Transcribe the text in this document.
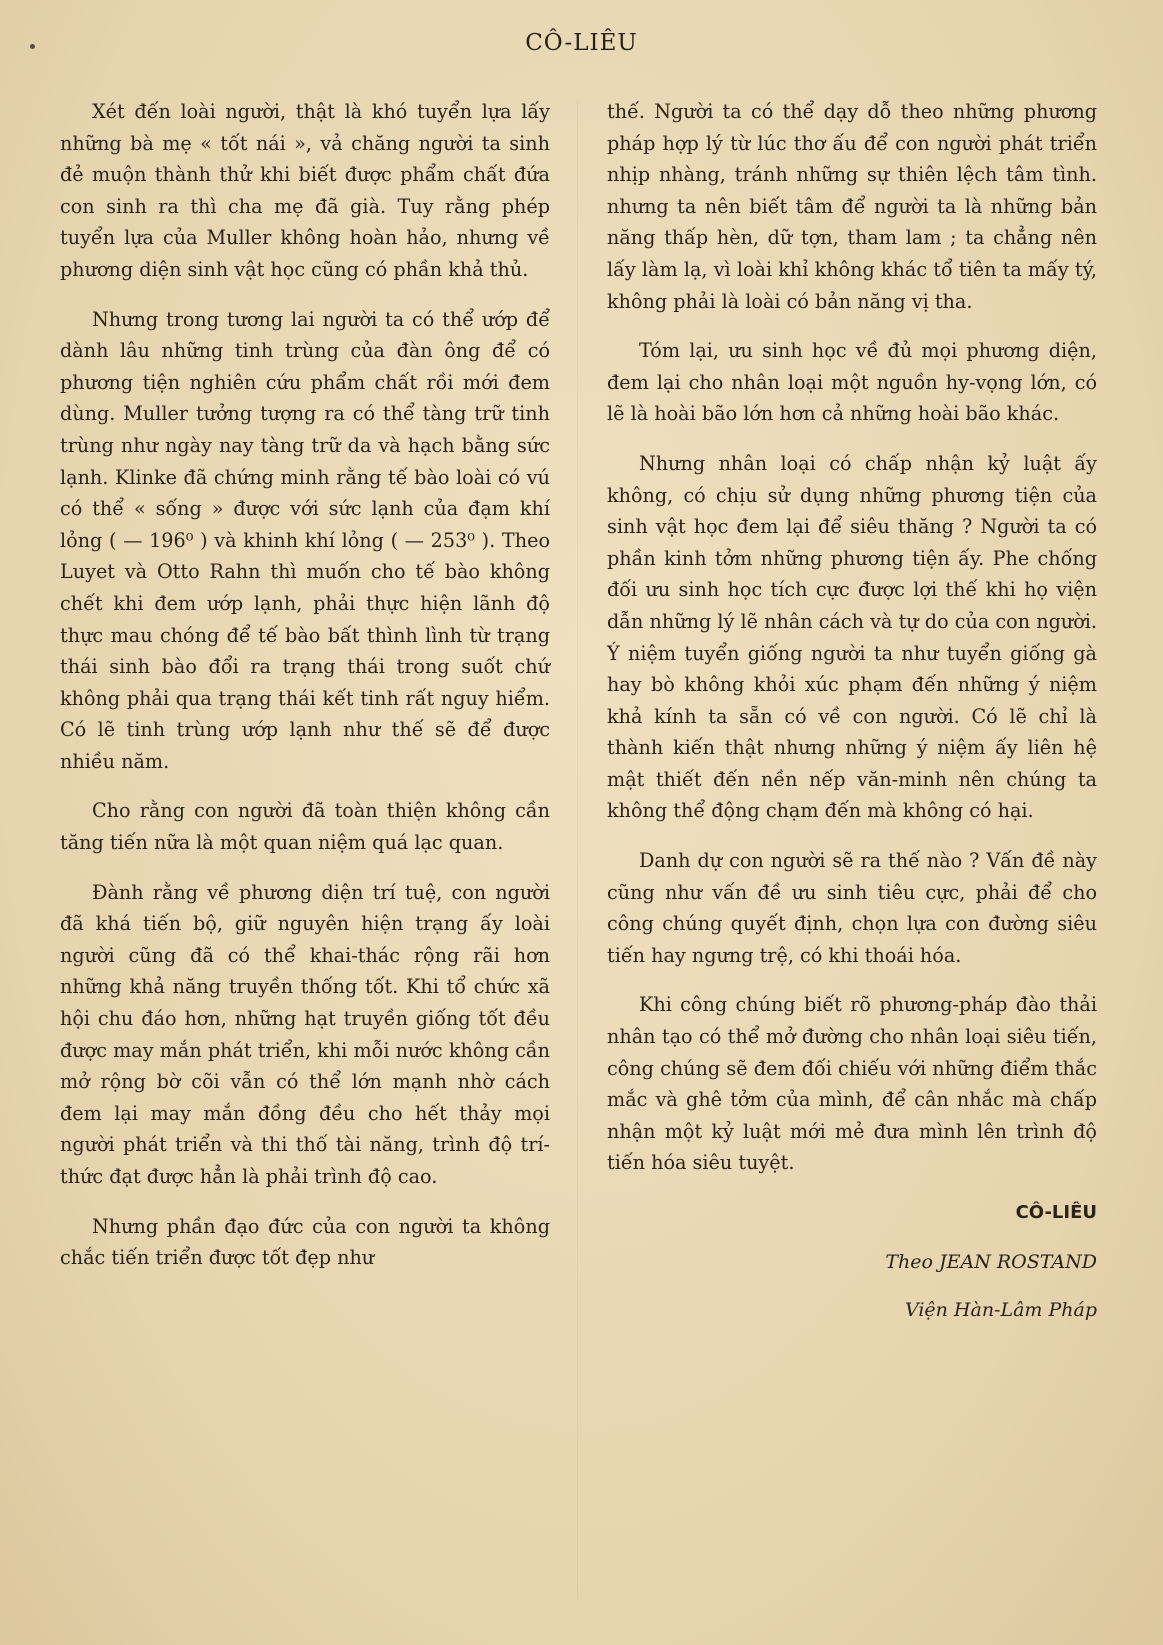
CÔ-LIÊU

Xét đến loài người, thật là khó tuyển lựa lấy những bà mẹ « tốt nái », vả chăng người ta sinh đẻ muộn thành thử khi biết được phẩm chất đứa con sinh ra thì cha mẹ đã già. Tuy rằng phép tuyển lựa của Muller không hoàn hảo, nhưng về phương diện sinh vật học cũng có phần khả thủ.

Nhưng trong tương lai người ta có thể ướp để dành lâu những tinh trùng của đàn ông để có phương tiện nghiên cứu phẩm chất rồi mới đem dùng. Muller tưởng tượng ra có thể tàng trữ tinh trùng như ngày nay tàng trữ da và hạch bằng sức lạnh. Klinke đã chứng minh rằng tế bào loài có vú có thể « sống » được với sức lạnh của đạm khí lỏng ( — 196⁰ ) và khinh khí lỏng ( — 253⁰ ). Theo Luyet và Otto Rahn thì muốn cho tế bào không chết khi đem ướp lạnh, phải thực hiện lãnh độ thực mau chóng để tế bào bất thình lình từ trạng thái sinh bào đổi ra trạng thái trong suốt chứ không phải qua trạng thái kết tinh rất nguy hiểm. Có lẽ tinh trùng ướp lạnh như thế sẽ để được nhiều năm.

Cho rằng con người đã toàn thiện không cần tăng tiến nữa là một quan niệm quá lạc quan.

Đành rằng về phương diện trí tuệ, con người đã khá tiến bộ, giữ nguyên hiện trạng ấy loài người cũng đã có thể khai-thác rộng rãi hơn những khả năng truyền thống tốt. Khi tổ chức xã hội chu đáo hơn, những hạt truyền giống tốt đều được may mắn phát triển, khi mỗi nước không cần mở rộng bờ cõi vẫn có thể lớn mạnh nhờ cách đem lại may mắn đồng đều cho hết thảy mọi người phát triển và thi thố tài năng, trình độ trí-thức đạt được hẳn là phải trình độ cao.

Nhưng phần đạo đức của con người ta không chắc tiến triển được tốt đẹp như

thế. Người ta có thể dạy dỗ theo những phương pháp hợp lý từ lúc thơ ấu để con người phát triển nhịp nhàng, tránh những sự thiên lệch tâm tình. nhưng ta nên biết tâm để người ta là những bản năng thấp hèn, dữ tợn, tham lam ; ta chẳng nên lấy làm lạ, vì loài khỉ không khác tổ tiên ta mấy tý, không phải là loài có bản năng vị tha.

Tóm lại, ưu sinh học về đủ mọi phương diện, đem lại cho nhân loại một nguồn hy-vọng lớn, có lẽ là hoài bão lớn hơn cả những hoài bão khác.

Nhưng nhân loại có chấp nhận kỷ luật ấy không, có chịu sử dụng những phương tiện của sinh vật học đem lại để siêu thăng ? Người ta có phần kinh tởm những phương tiện ấy. Phe chống đối ưu sinh học tích cực được lợi thế khi họ viện dẫn những lý lẽ nhân cách và tự do của con người. Ý niệm tuyển giống người ta như tuyển giống gà hay bò không khỏi xúc phạm đến những ý niệm khả kính ta sẵn có về con người. Có lẽ chỉ là thành kiến thật nhưng những ý niệm ấy liên hệ mật thiết đến nền nếp văn-minh nên chúng ta không thể động chạm đến mà không có hại.

Danh dự con người sẽ ra thế nào ? Vấn đề này cũng như vấn đề ưu sinh tiêu cực, phải để cho công chúng quyết định, chọn lựa con đường siêu tiến hay ngưng trệ, có khi thoái hóa.

Khi công chúng biết rõ phương-pháp đào thải nhân tạo có thể mở đường cho nhân loại siêu tiến, công chúng sẽ đem đối chiếu với những điểm thắc mắc và ghê tởm của mình, để cân nhắc mà chấp nhận một kỷ luật mới mẻ đưa mình lên trình độ tiến hóa siêu tuyệt.

CÔ-LIÊU

Theo JEAN ROSTAND

Viện Hàn-Lâm Pháp
